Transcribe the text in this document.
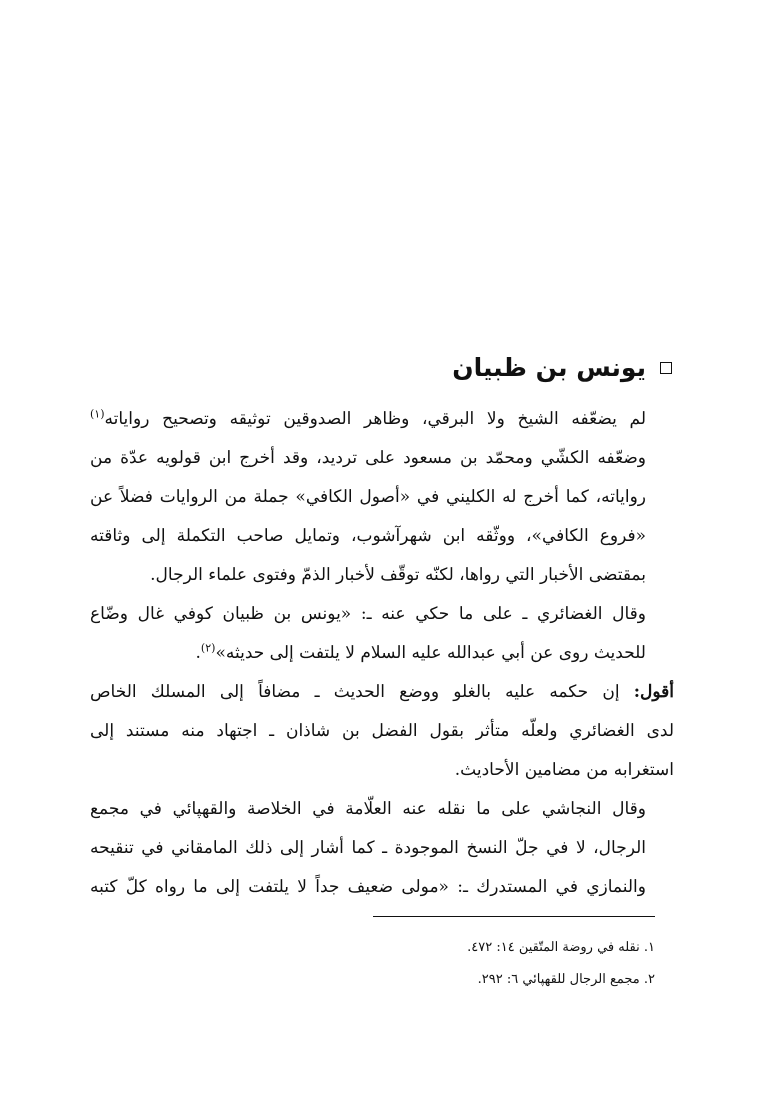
يونس بن ظبيان

لم يضعّفه الشيخ ولا البرقي، وظاهر الصدوقين توثيقه وتصحيح رواياته$^{(١)}$
وضعّفه الكشّي ومحمّد بن مسعود على ترديد، وقد أخرج ابن قولويه عدّة من
رواياته، كما أخرج له الكليني في «أصول الكافي» جملة من الروايات فضلاً عن
«فروع الكافي»، ووثّقه ابن شهرآشوب، وتمايل صاحب التكملة إلى وثاقته
بمقتضى الأخبار التي رواها، لكنّه توقّف لأخبار الذمّ وفتوى علماء الرجال.

وقال الغضائري ـ على ما حكي عنه ـ: «يونس بن ظبيان كوفي غال وضّاع
للحديث روى عن أبي عبدالله عليه السلام لا يلتفت إلى حديثه»$^{(٢)}$.

أقول: إن حكمه عليه بالغلو ووضع الحديث ـ مضافاً إلى المسلك الخاص
لدى الغضائري ولعلّه متأثر بقول الفضل بن شاذان ـ اجتهاد منه مستند إلى
استغرابه من مضامين الأحاديث.

وقال النجاشي على ما نقله عنه العلّامة في الخلاصة والقهپائي في مجمع
الرجال، لا في جلّ النسخ الموجودة ـ كما أشار إلى ذلك المامقاني في تنقيحه
والنمازي في المستدرك ـ: «مولى ضعيف جداً لا يلتفت إلى ما رواه كلّ كتبه

١. نقله في روضة المتّقين ١٤: ٤٧٢.
٢. مجمع الرجال للقهپائي ٦: ٢٩٢.
